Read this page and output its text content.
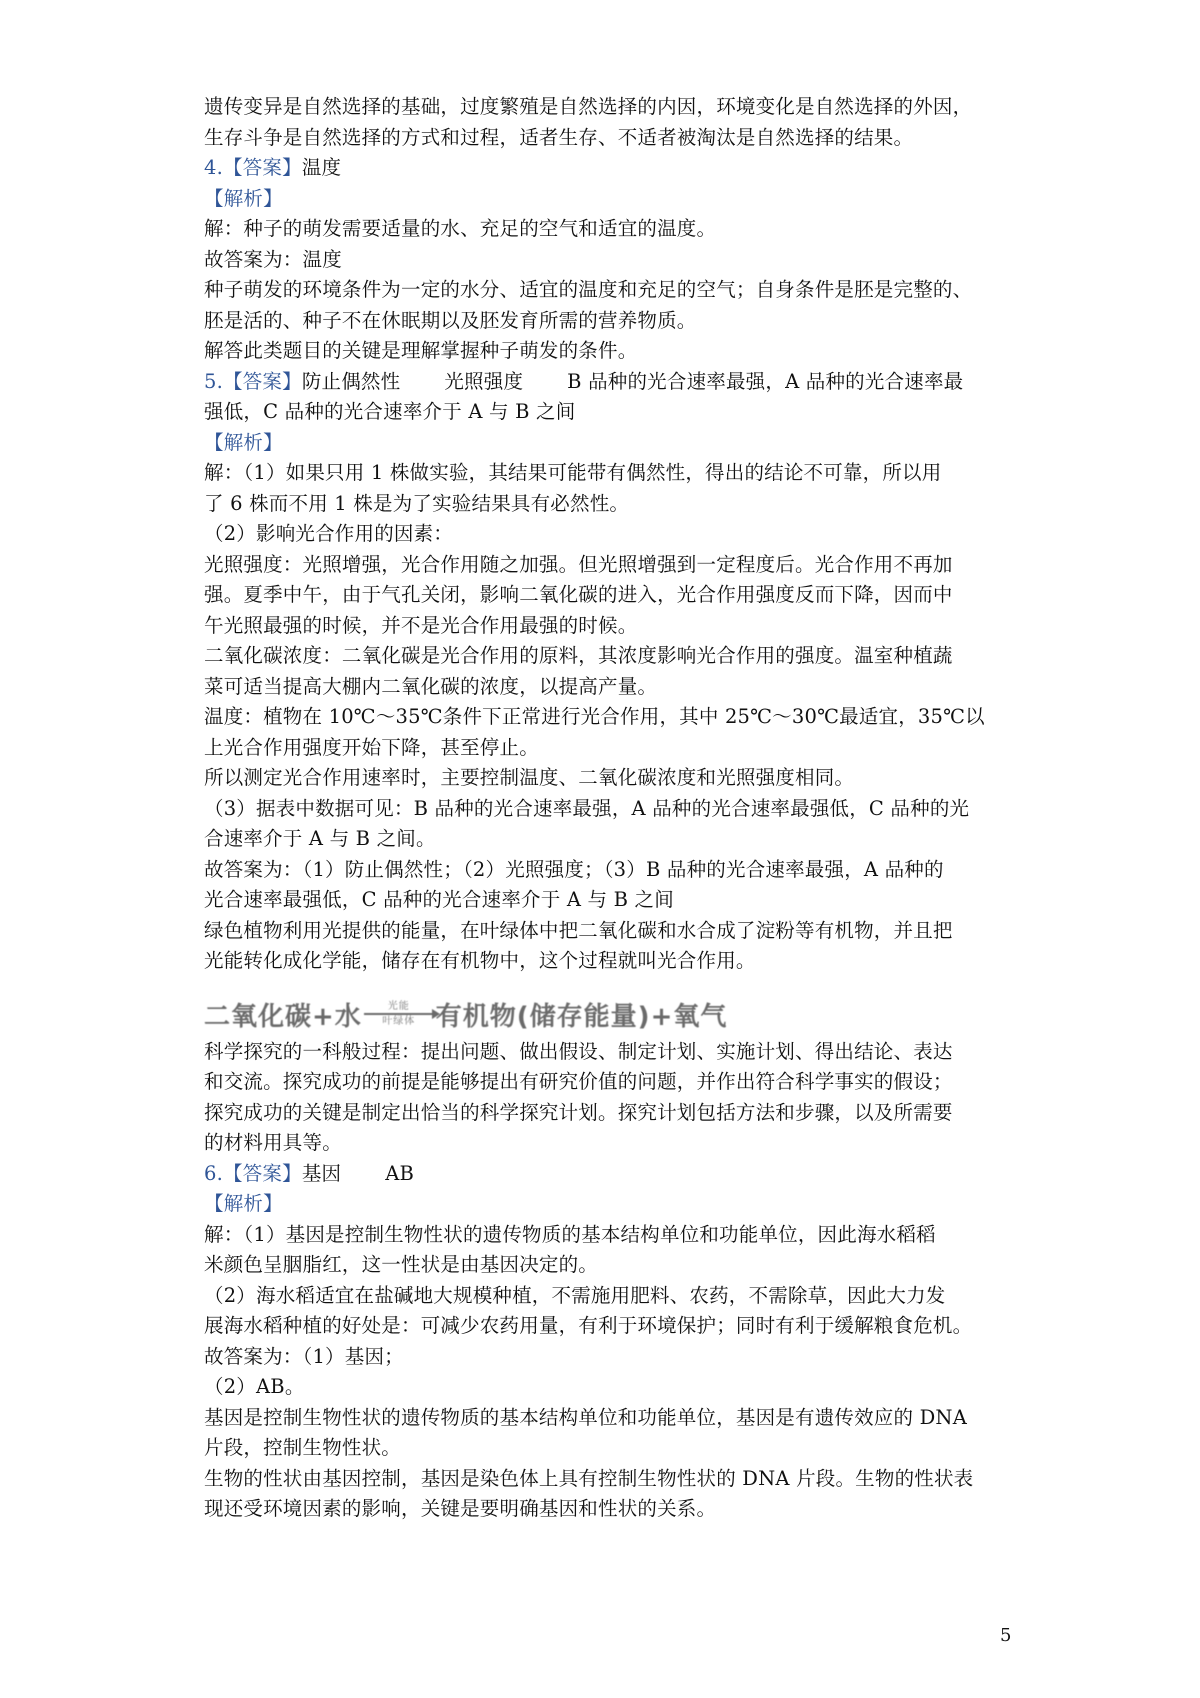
遗传变异是自然选择的基础，过度繁殖是自然选择的内因，环境变化是自然选择的外因，
生存斗争是自然选择的方式和过程，适者生存、不适者被淘汰是自然选择的结果。
4.【答案】温度
【解析】
解：种子的萌发需要适量的水、充足的空气和适宜的温度。
故答案为：温度
种子萌发的环境条件为一定的水分、适宜的温度和充足的空气；自身条件是胚是完整的、
胚是活的、种子不在休眠期以及胚发育所需的营养物质。
解答此类题目的关键是理解掌握种子萌发的条件。
5.【答案】防止偶然性 光照强度 B 品种的光合速率最强，A 品种的光合速率最
强低，C 品种的光合速率介于 A 与 B 之间
【解析】
解：（1）如果只用 1 株做实验，其结果可能带有偶然性，得出的结论不可靠，所以用
了 6 株而不用 1 株是为了实验结果具有必然性。
（2）影响光合作用的因素：
光照强度：光照增强，光合作用随之加强。但光照增强到一定程度后。光合作用不再加
强。夏季中午，由于气孔关闭，影响二氧化碳的进入，光合作用强度反而下降，因而中
午光照最强的时候，并不是光合作用最强的时候。
二氧化碳浓度：二氧化碳是光合作用的原料，其浓度影响光合作用的强度。温室种植蔬
菜可适当提高大棚内二氧化碳的浓度，以提高产量。
温度：植物在 10℃～35℃条件下正常进行光合作用，其中 25℃～30℃最适宜，35℃以
上光合作用强度开始下降，甚至停止。
所以测定光合作用速率时，主要控制温度、二氧化碳浓度和光照强度相同。
（3）据表中数据可见：B 品种的光合速率最强，A 品种的光合速率最强低，C 品种的光
合速率介于 A 与 B 之间。
故答案为：（1）防止偶然性；（2）光照强度；（3）B 品种的光合速率最强，A 品种的
光合速率最强低，C 品种的光合速率介于 A 与 B 之间
绿色植物利用光提供的能量，在叶绿体中把二氧化碳和水合成了淀粉等有机物，并且把
光能转化成化学能，储存在有机物中，这个过程就叫光合作用。
二氧化碳+水	光能
叶绿体 有机物(储存能量)+氧气
科学探究的一科般过程：提出问题、做出假设、制定计划、实施计划、得出结论、表达
和交流。探究成功的前提是能够提出有研究价值的问题，并作出符合科学事实的假设；
探究成功的关键是制定出恰当的科学探究计划。探究计划包括方法和步骤，以及所需要
的材料用具等。
6.【答案】基因 AB
【解析】
解：（1）基因是控制生物性状的遗传物质的基本结构单位和功能单位，因此海水稻稻
米颜色呈胭脂红，这一性状是由基因决定的。
（2）海水稻适宜在盐碱地大规模种植，不需施用肥料、农药，不需除草，因此大力发
展海水稻种植的好处是：可减少农药用量，有利于环境保护；同时有利于缓解粮食危机。
故答案为：（1）基因；
（2）AB。
基因是控制生物性状的遗传物质的基本结构单位和功能单位，基因是有遗传效应的 DNA
片段，控制生物性状。
生物的性状由基因控制，基因是染色体上具有控制生物性状的 DNA 片段。生物的性状表
现还受环境因素的影响，关键是要明确基因和性状的关系。
5
